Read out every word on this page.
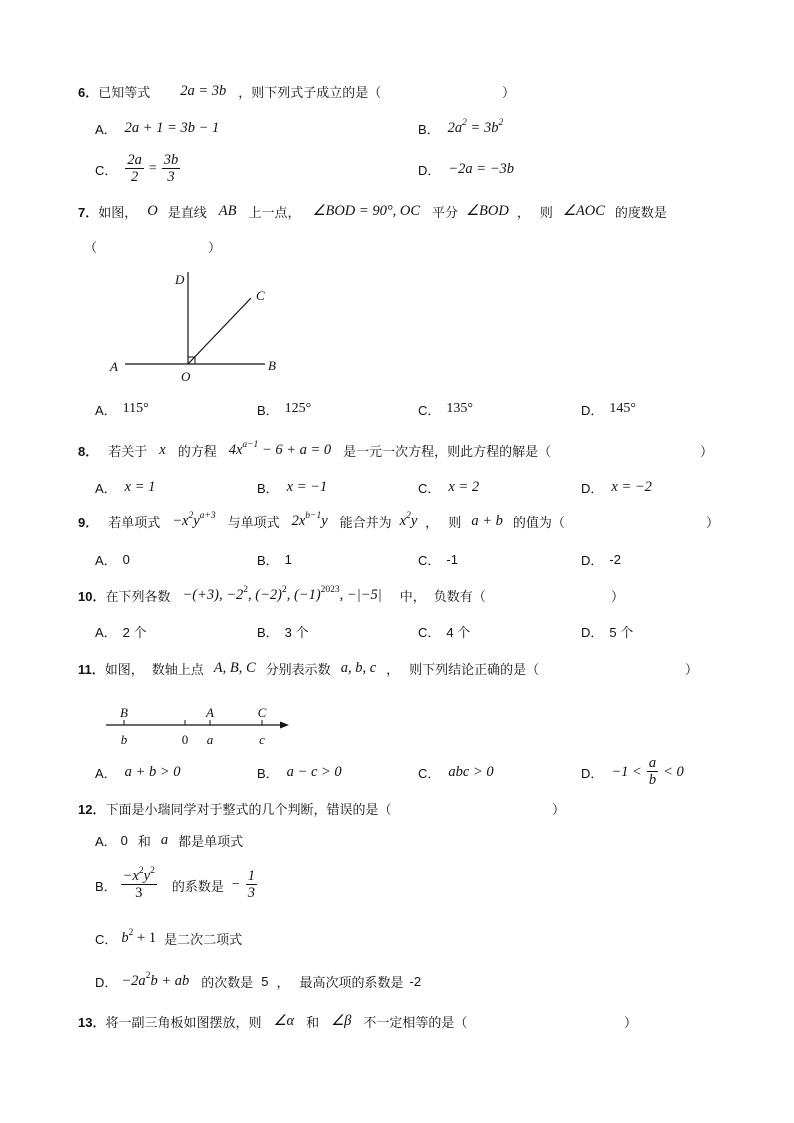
6． 已知等式 2a = 3b ，则下列式子成立的是（	）
A． 2a + 1 = 3b − 1	B． $2a^2 = 3b^2$
C． $\frac{2a}{2} = \frac{3b}{3}$	D． −2a = −3b
7． 如图， O 是直线 AB 上一点， ∠BOD = 90°, OC 平分 ∠BOD ， 则 ∠AOC 的度数是
（	）
D
C
A
O
B
A． 115°	B． 125°	C． 135°	D． 145°
8． 若关于 x 的方程 $4x^{a-1} - 6 + a = 0$ 是一元一次方程，则此方程的解是（	）
A． x = 1	B． x = −1	C． x = 2	D． x = −2
9． 若单项式 $-x^2y^{a+3}$ 与单项式 $2x^{b-1}y$ 能合并为 $x^2y$ ， 则 a + b 的值为（	）
A． 0	B． 1	C． -1	D． -2
10． 在下列各数 −(+3), $-2^2$, $(-2)^2$, $(-1)^{2023}$, −|−5| 中， 负数有（	）
A． 2 个	B． 3 个	C． 4 个	D． 5 个
11． 如图， 数轴上点 A, B, C 分别表示数 a, b, c ， 则下列结论正确的是（	）
B	A	C
b	0 a	c
A． a + b > 0	B． a − c > 0	C． abc > 0	D． $-1 < \frac{a}{b} < 0$
12． 下面是小瑞同学对于整式的几个判断，错误的是（	）
A． 0 和 a 都是单项式
B． $\frac{-x^2y^2}{3}$ 的系数是 − $\frac{1}{3}$
C． $b^2 + 1$ 是二次二项式
D． $-2a^2b$ + ab 的次数是 5 ， 最高次项的系数是 -2
13． 将一副三角板如图摆放，则 ∠α 和 ∠β 不一定相等的是（	）
